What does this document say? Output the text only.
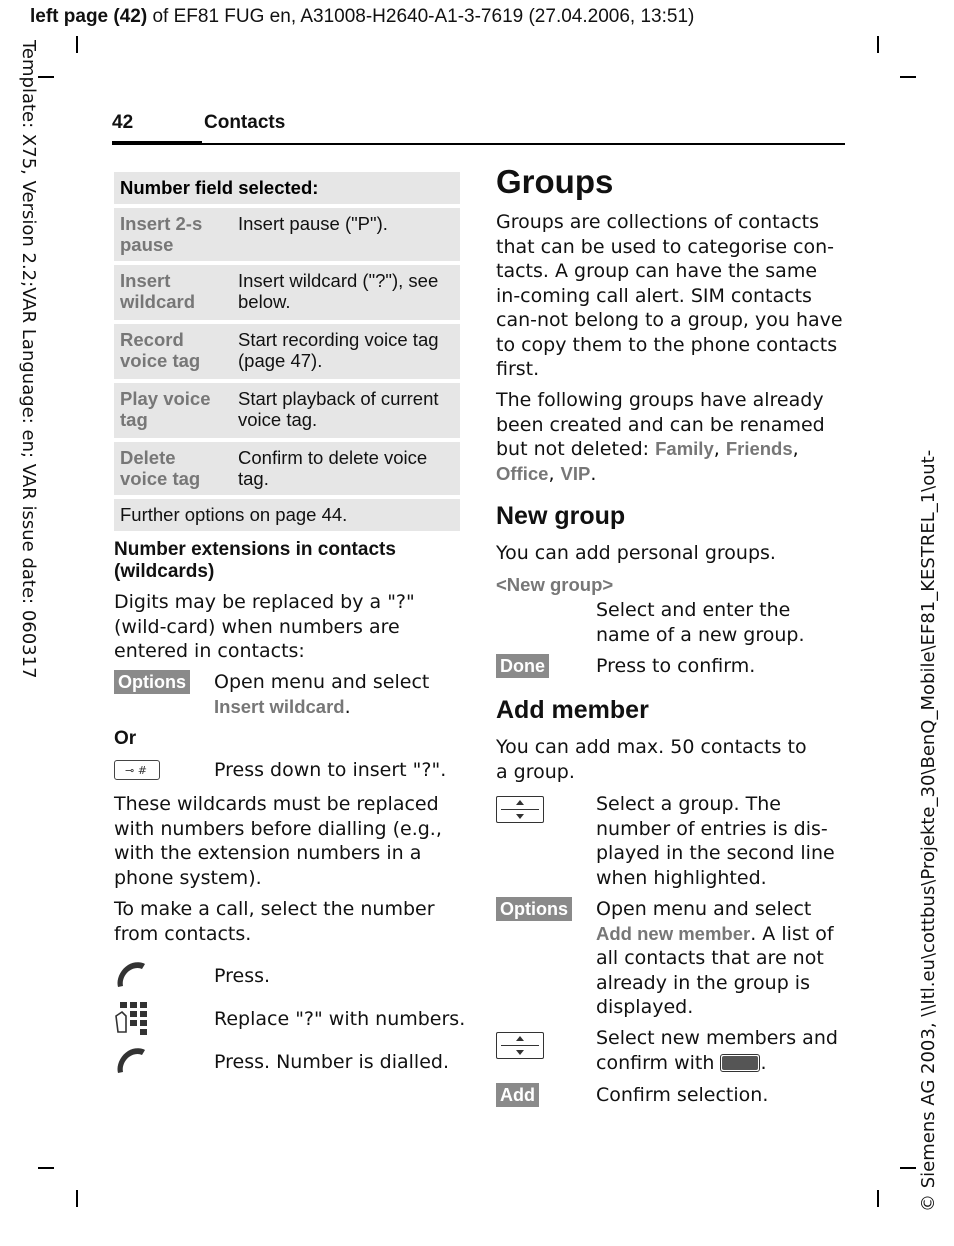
left page (42) of EF81 FUG en, A31008-H2640-A1-3-7619 (27.04.2006, 13:51)
Template: X75, Version 2.2;VAR Language: en; VAR issue date: 060317
© Siemens AG 2003, \\Itl.eu\cottbus\Projekte_30\BenQ_Mobile\EF81_KESTREL_1\out-
42	Contacts
Number field selected:	
Insert 2-s pause	Insert pause ("P").
Insert wildcard	Insert wildcard ("?"), see below.
Record voice tag	Start recording voice tag (page 47).
Play voice tag	Start playback of current voice tag.
Delete voice tag	Confirm to delete voice tag.
Further options on page 44.	
Number extensions in contacts (wildcards)
Digits may be replaced by a "?" (wild-card) when numbers are entered in contacts:
Options Open menu and select
Insert wildcard.
Or
⊸ #	Press down to insert "?".
These wildcards must be replaced with numbers before dialling (e.g., with the extension numbers in a phone system).
To make a call, select the number from contacts.
Press.
Replace "?" with numbers.
Press. Number is dialled.
Groups
Groups are collections of contacts that can be used to categorise con-tacts. A group can have the same in-coming call alert. SIM contacts can-not belong to a group, you have to copy them to the phone contacts first.
The following groups have already been created and can be renamed but not deleted: Family, Friends, Office, VIP.
New group
You can add personal groups.
<New group>
Select and enter the name of a new group.
Done	Press to confirm.
Add member
You can add max. 50 contacts to a group.
Select a group. The number of entries is dis-played in the second line when highlighted.
Options Open menu and select Add new member. A list of all contacts that are not already in the group is displayed.
Select new members and confirm with .
Add	Confirm selection.
